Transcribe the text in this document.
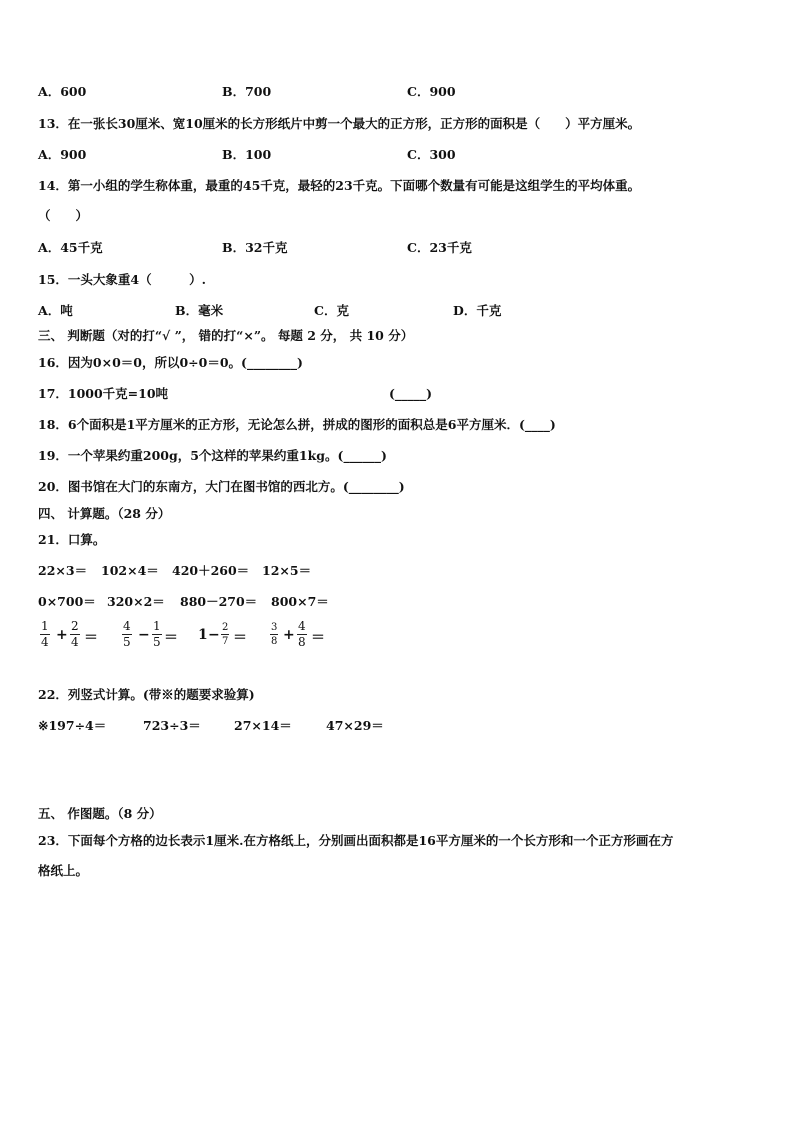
A．600	B．700	C．900
13．在一张长30厘米、宽10厘米的长方形纸片中剪一个最大的正方形，正方形的面积是（　　）平方厘米。
A．900	B．100	C．300
14．第一小组的学生称体重，最重的45千克，最轻的23千克。下面哪个数量有可能是这组学生的平均体重。
（　　）
A．45千克	B．32千克	C．23千克
15．一头大象重4（　　　）.
A．吨	B．毫米	C．克	D．千克
三、 判断题（对的打“√ ”， 错的打“×”。 每题 2 分， 共 10 分）
16．因为0×0＝0，所以0÷0＝0。(________)
17．1000千克=10吨	(_____)
18．6个面积是1平方厘米的正方形，无论怎么拼，拼成的图形的面积总是6平方厘米．(____)
19．一个苹果约重200g，5个这样的苹果约重1kg。(______)
20．图书馆在大门的东南方，大门在图书馆的西北方。(________)
四、 计算题。（28 分）
21．口算。
22×3＝ 102×4＝ 420＋260＝ 12×5＝
0×700＝ 320×2＝ 880－270＝ 800×7＝
1
4 +
2
4 ＝
4
5 −
1
5 ＝ 1 − 2
7 ＝
3
8 +
4
8 ＝
22．列竖式计算。(带※的题要求验算)
※197÷4＝	723÷3＝	27×14＝	47×29＝
五、 作图题。（8 分）
23．下面每个方格的边长表示1厘米.在方格纸上，分别画出面积都是16平方厘米的一个长方形和一个正方形画在方
格纸上。
